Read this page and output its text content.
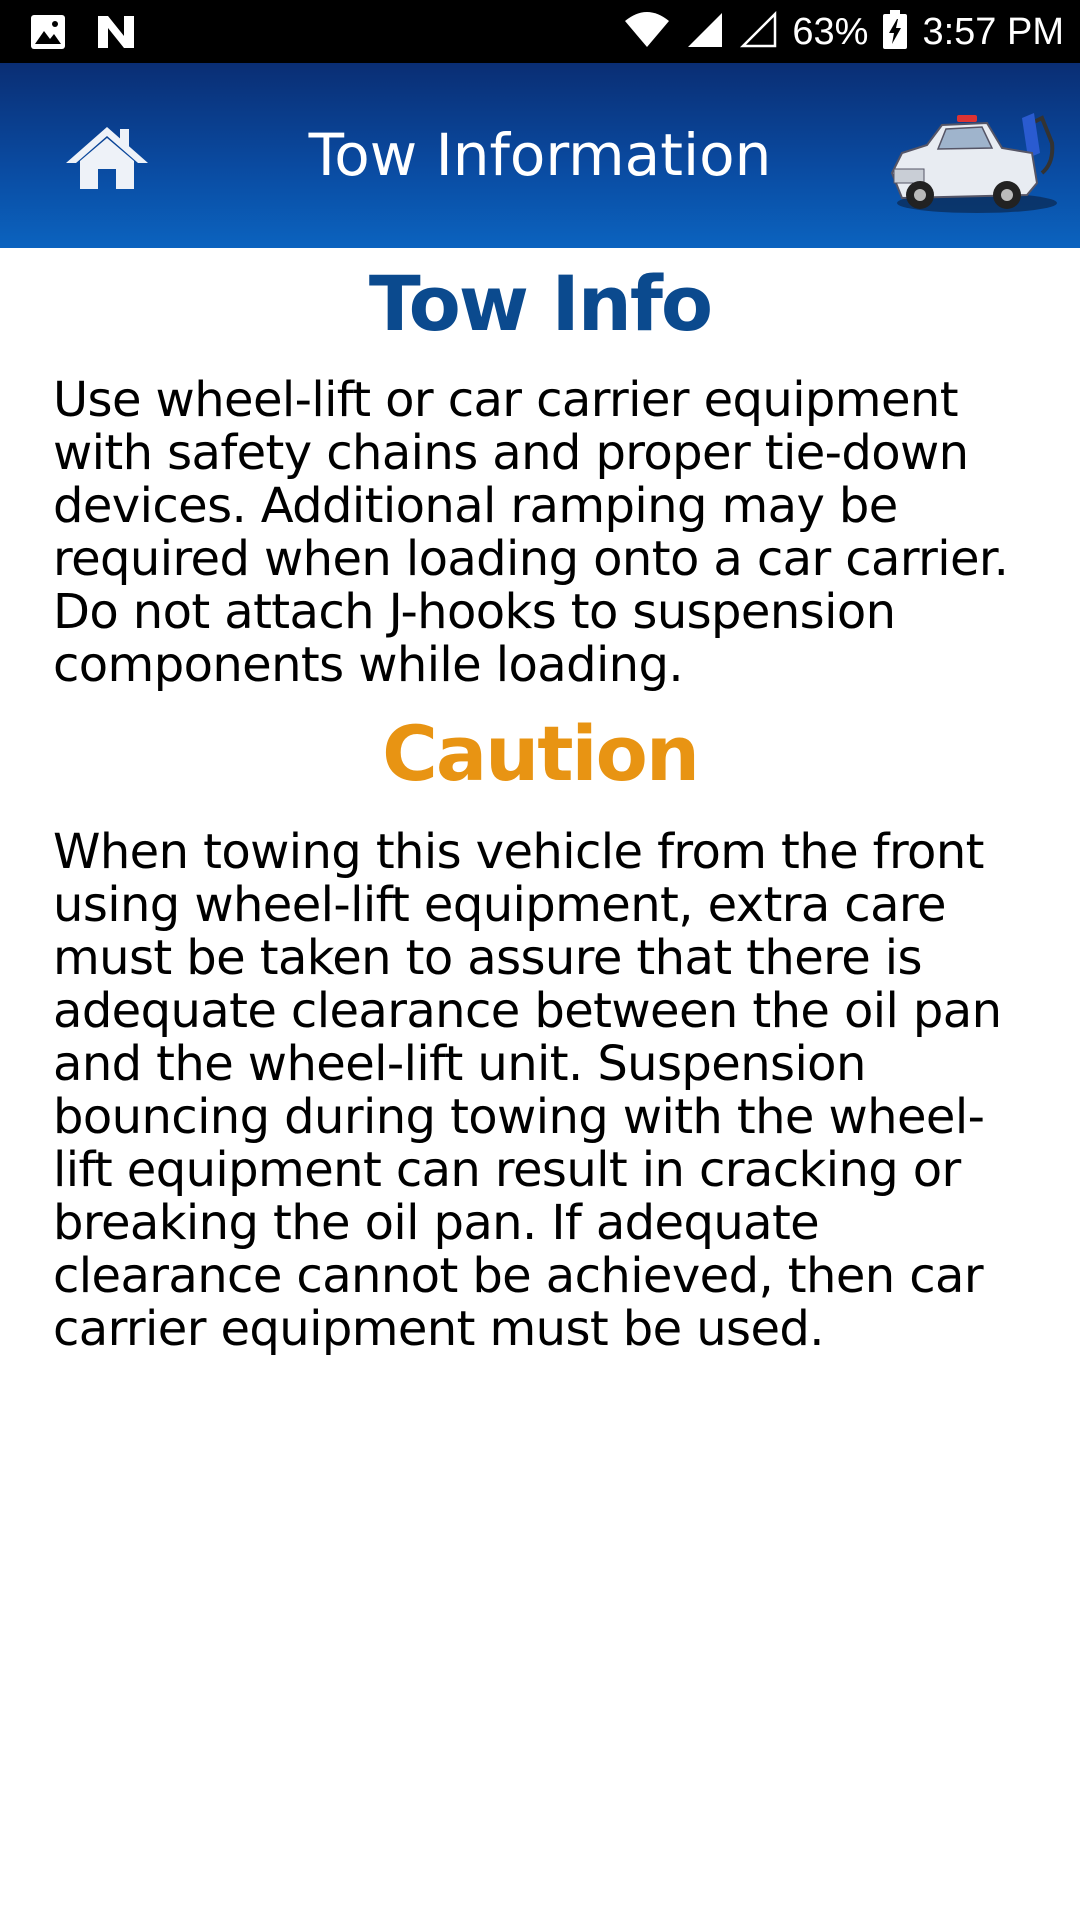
63% 3:57 PM
Tow Information
Tow Info

Use wheel-lift or car carrier equipment with safety chains and proper tie-down devices. Additional ramping may be required when loading onto a car carrier. Do not attach J-hooks to suspension components while loading.

Caution

When towing this vehicle from the front using wheel-lift equipment, extra care must be taken to assure that there is adequate clearance between the oil pan and the wheel-lift unit. Suspension bouncing during towing with the wheel-lift equipment can result in cracking or breaking the oil pan. If adequate clearance cannot be achieved, then car carrier equipment must be used.
